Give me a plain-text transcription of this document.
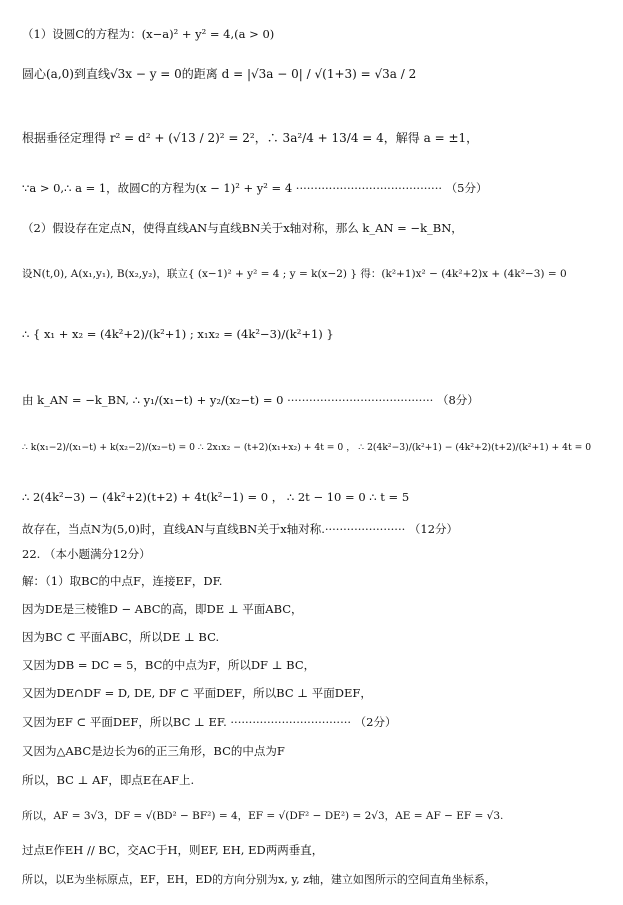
（1）设圆C的方程为：(x−a)² + y² = 4,(a > 0)
圆心(a,0)到直线√3x − y = 0的距离 d = |√3a − 0| / √(1+3) = √3a / 2
根据垂径定理得 r² = d² + (√13 / 2)² = 2²，∴ 3a²/4 + 13/4 = 4，解得 a = ±1，
∵a > 0,∴ a = 1，故圆C的方程为(x − 1)² + y² = 4 ········································ （5分）
（2）假设存在定点N，使得直线AN与直线BN关于x轴对称，那么 k_AN = −k_BN，
设N(t,0), A(x₁,y₁), B(x₂,y₂)，联立{ (x−1)² + y² = 4 ; y = k(x−2) } 得：(k²+1)x² − (4k²+2)x + (4k²−3) = 0
∴ { x₁ + x₂ = (4k²+2)/(k²+1) ; x₁x₂ = (4k²−3)/(k²+1) }
由 k_AN = −k_BN, ∴ y₁/(x₁−t) + y₂/(x₂−t) = 0 ········································ （8分）
∴ k(x₁−2)/(x₁−t) + k(x₂−2)/(x₂−t) = 0 ∴ 2x₁x₂ − (t+2)(x₁+x₂) + 4t = 0 ， ∴ 2(4k²−3)/(k²+1) − (4k²+2)(t+2)/(k²+1) + 4t = 0
∴ 2(4k²−3) − (4k²+2)(t+2) + 4t(k²−1) = 0 ， ∴ 2t − 10 = 0 ∴ t = 5
故存在，当点N为(5,0)时，直线AN与直线BN关于x轴对称.······················ （12分）
22. （本小题满分12分）
解：（1）取BC的中点F，连接EF，DF.
因为DE是三棱锥D − ABC的高，即DE ⊥ 平面ABC，
因为BC ⊂ 平面ABC，所以DE ⊥ BC.
又因为DB = DC = 5，BC的中点为F，所以DF ⊥ BC，
又因为DE∩DF = D, DE, DF ⊂ 平面DEF，所以BC ⊥ 平面DEF，
又因为EF ⊂ 平面DEF，所以BC ⊥ EF. ································· （2分）
又因为△ABC是边长为6的正三角形，BC的中点为F
所以，BC ⊥ AF，即点E在AF上.
所以，AF = 3√3，DF = √(BD² − BF²) = 4，EF = √(DF² − DE²) = 2√3，AE = AF − EF = √3.
过点E作EH // BC，交AC于H，则EF, EH, ED两两垂直，
所以，以E为坐标原点，EF，EH，ED的方向分别为x, y, z轴，建立如图所示的空间直角坐标系，
